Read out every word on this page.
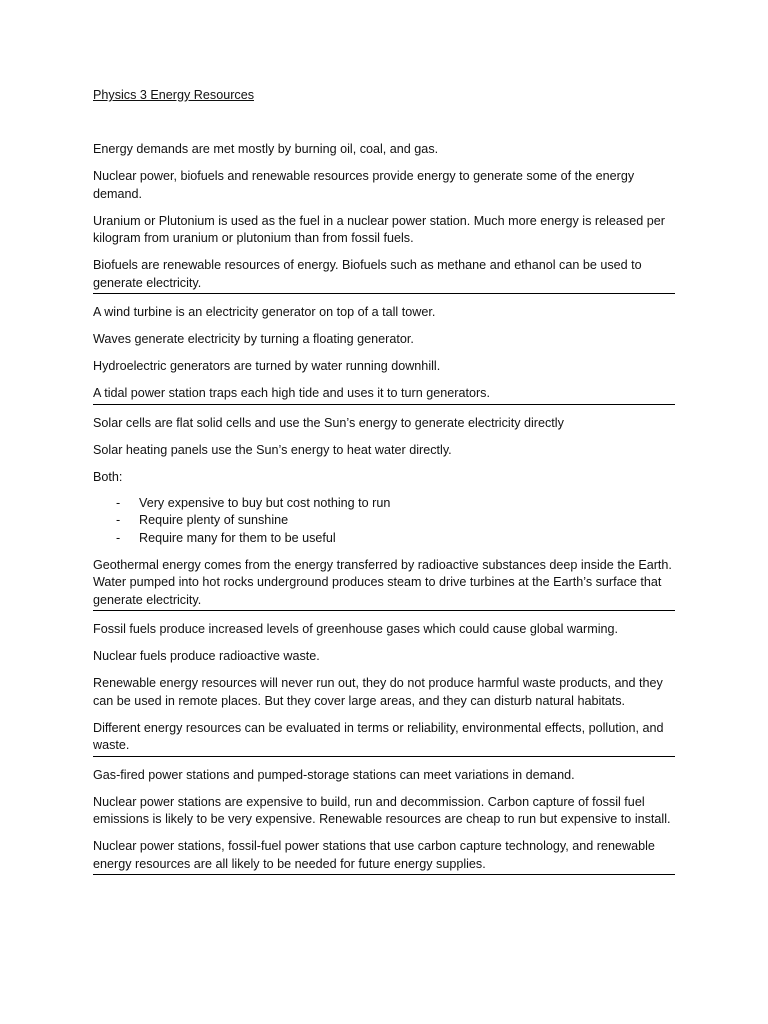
Physics 3 Energy Resources

Energy demands are met mostly by burning oil, coal, and gas.

Nuclear power, biofuels and renewable resources provide energy to generate some of the energy demand.

Uranium or Plutonium is used as the fuel in a nuclear power station. Much more energy is released per kilogram from uranium or plutonium than from fossil fuels.

Biofuels are renewable resources of energy. Biofuels such as methane and ethanol can be used to generate electricity.

A wind turbine is an electricity generator on top of a tall tower.

Waves generate electricity by turning a floating generator.

Hydroelectric generators are turned by water running downhill.

A tidal power station traps each high tide and uses it to turn generators.

Solar cells are flat solid cells and use the Sun’s energy to generate electricity directly

Solar heating panels use the Sun’s energy to heat water directly.

Both:

- Very expensive to buy but cost nothing to run
- Require plenty of sunshine
- Require many for them to be useful

Geothermal energy comes from the energy transferred by radioactive substances deep inside the Earth. Water pumped into hot rocks underground produces steam to drive turbines at the Earth’s surface that generate electricity.

Fossil fuels produce increased levels of greenhouse gases which could cause global warming.

Nuclear fuels produce radioactive waste.

Renewable energy resources will never run out, they do not produce harmful waste products, and they can be used in remote places. But they cover large areas, and they can disturb natural habitats.

Different energy resources can be evaluated in terms or reliability, environmental effects, pollution, and waste.

Gas-fired power stations and pumped-storage stations can meet variations in demand.

Nuclear power stations are expensive to build, run and decommission. Carbon capture of fossil fuel emissions is likely to be very expensive. Renewable resources are cheap to run but expensive to install.

Nuclear power stations, fossil-fuel power stations that use carbon capture technology, and renewable energy resources are all likely to be needed for future energy supplies.
